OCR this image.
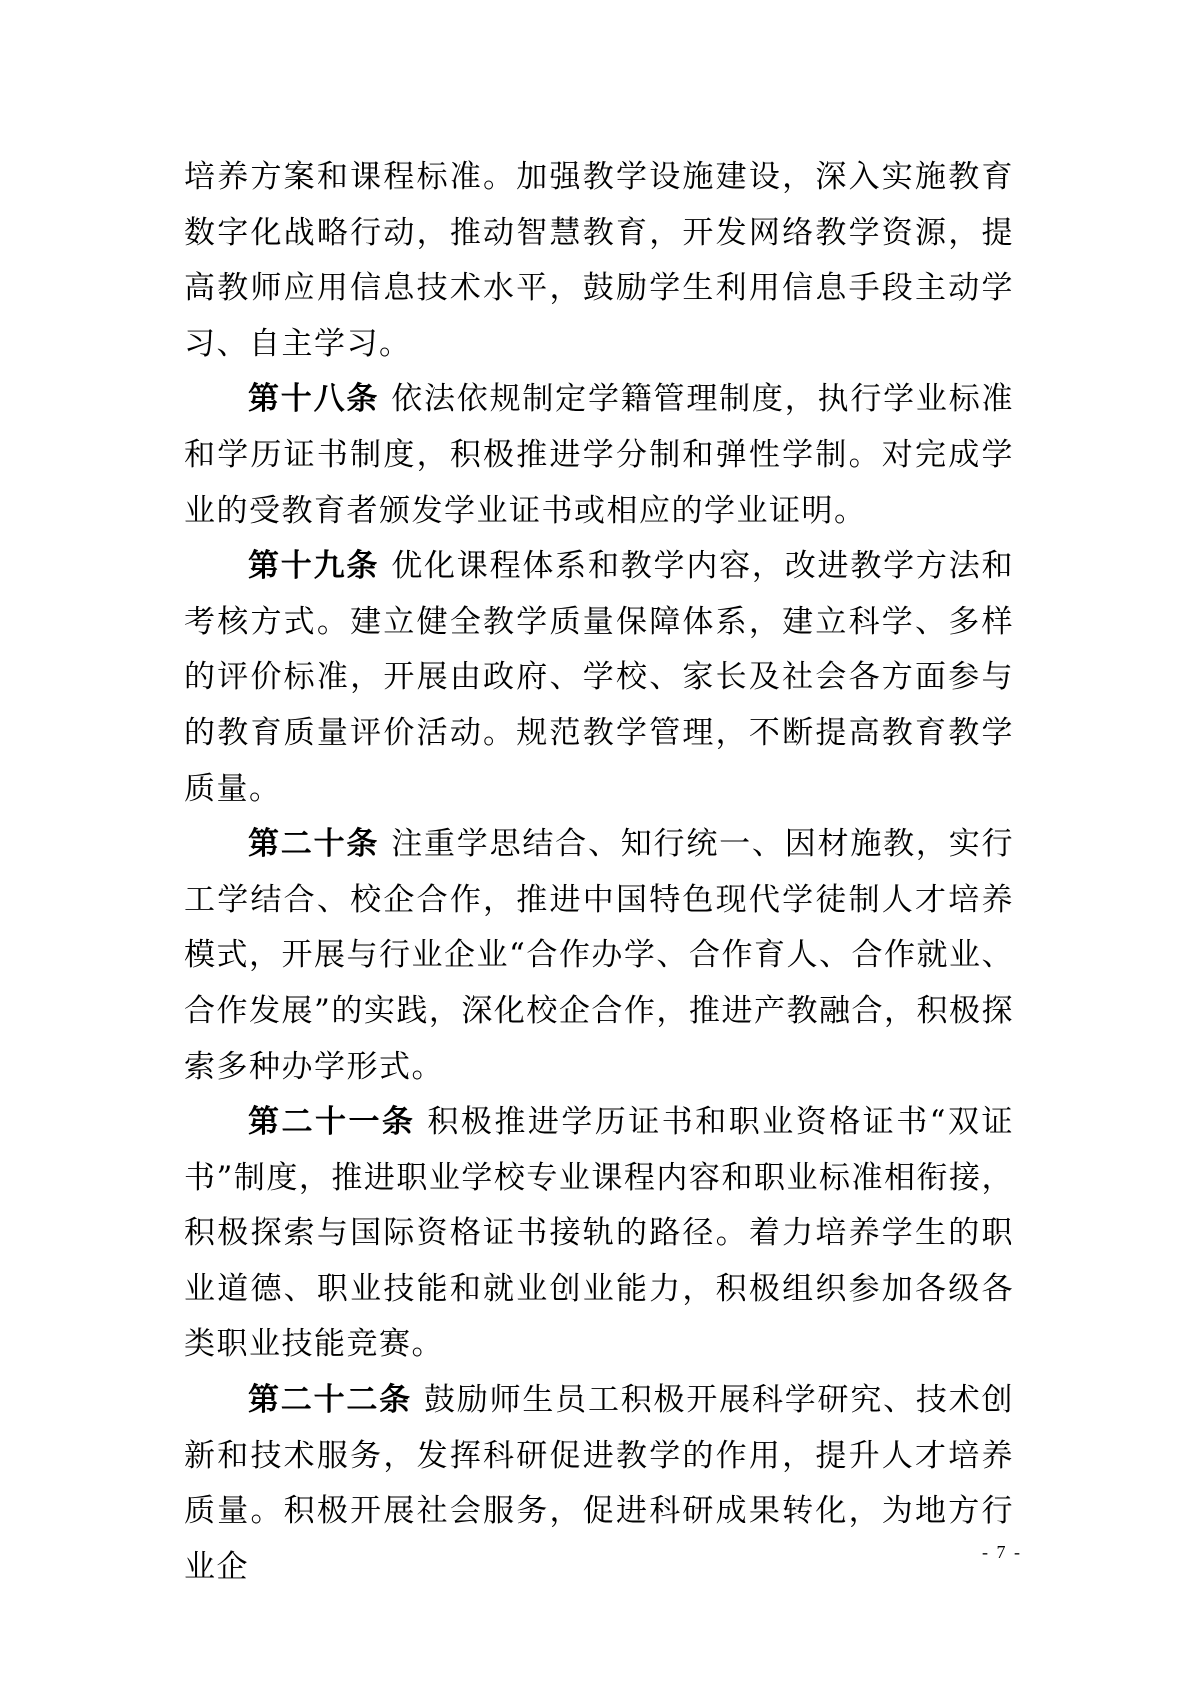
培养方案和课程标准。加强教学设施建设，深入实施教育数字化战略行动，推动智慧教育，开发网络教学资源，提高教师应用信息技术水平，鼓励学生利用信息手段主动学习、自主学习。

第十八条 依法依规制定学籍管理制度，执行学业标准和学历证书制度，积极推进学分制和弹性学制。对完成学业的受教育者颁发学业证书或相应的学业证明。

第十九条 优化课程体系和教学内容，改进教学方法和考核方式。建立健全教学质量保障体系，建立科学、多样的评价标准，开展由政府、学校、家长及社会各方面参与的教育质量评价活动。规范教学管理，不断提高教育教学质量。

第二十条 注重学思结合、知行统一、因材施教，实行工学结合、校企合作，推进中国特色现代学徒制人才培养模式，开展与行业企业“合作办学、合作育人、合作就业、合作发展”的实践，深化校企合作，推进产教融合，积极探索多种办学形式。

第二十一条 积极推进学历证书和职业资格证书“双证书”制度，推进职业学校专业课程内容和职业标准相衔接，积极探索与国际资格证书接轨的路径。着力培养学生的职业道德、职业技能和就业创业能力，积极组织参加各级各类职业技能竞赛。

第二十二条 鼓励师生员工积极开展科学研究、技术创新和技术服务，发挥科研促进教学的作用，提升人才培养质量。积极开展社会服务，促进科研成果转化，为地方行业企	- 7 -
